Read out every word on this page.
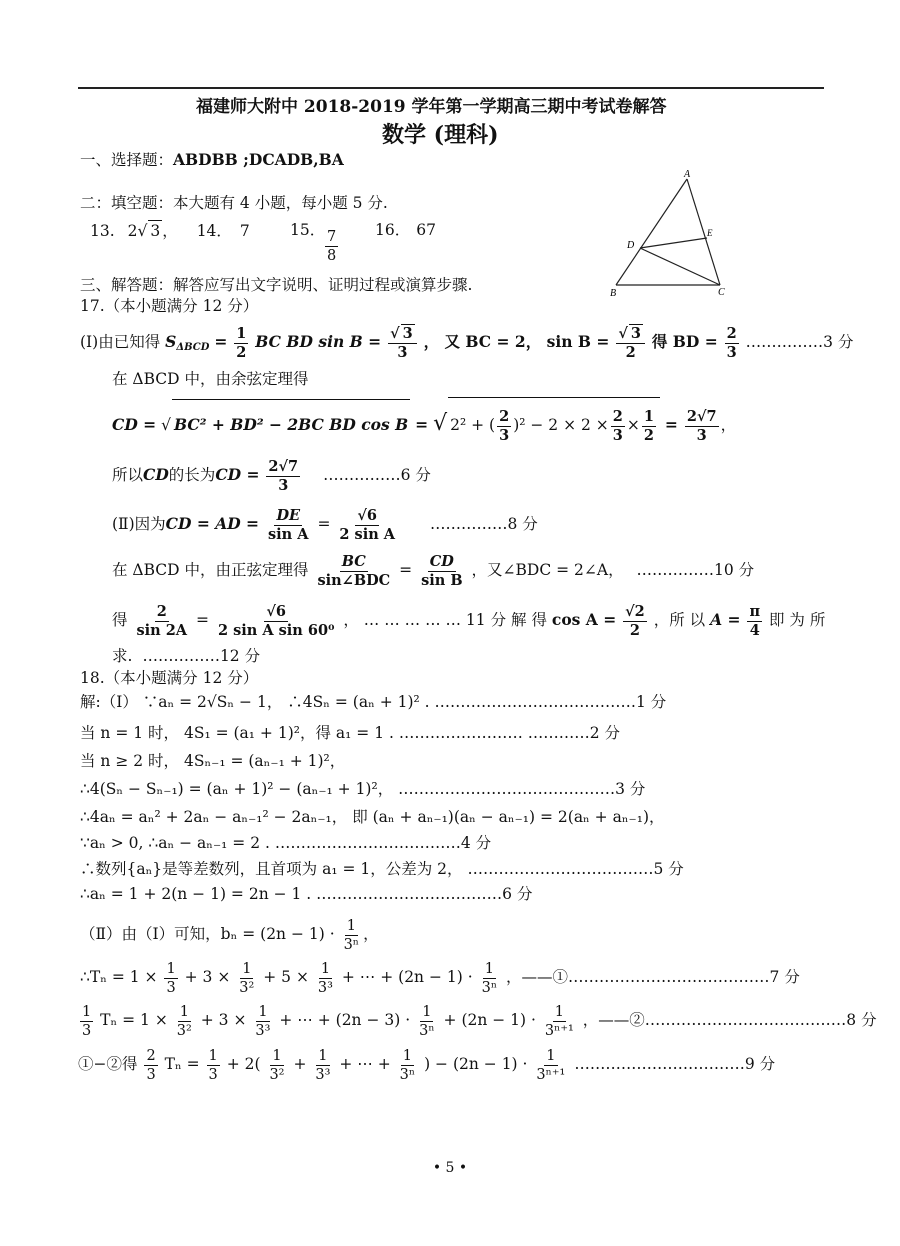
福建师大附中 2018-2019 学年第一学期高三期中考试卷解答
数学 (理科)
A
B	C
D
E
一、选择题：ABDBB ;DCADB,BA
二：填空题：本大题有 4 小题，每小题 5 分.
13. 2√ 3 ， 14． 7	15． $\frac{7}{8} 16$． 67
三、解答题：解答应写出文字说明、证明过程或演算步骤.
17.（本小题满分 12 分）
(Ⅰ)由已知得 $S_{\Delta BCD} = \frac{1}{2}$ BC BD $\sin B = \frac{√ 3}{3}$ ， 又 BC = 2， $\sin B = \frac{√ 3}{2}$ 得 BD = $\frac{2}{3}$ ……………3 分
在 ΔBCD 中，由余弦定理得
CD = √ BC² + BD² − 2BC BD cos B = √ 2² + ( $\frac{2}{3} )^2 - 2 \times 2 \times \frac{2}{3} \times \frac{1}{2} = \frac{2√7}{3}$ ，
所以CD的长为CD = $\frac{2√7}{3}$ ……………6 分
(Ⅱ)因为CD = AD = $\frac{DE}{\text{sin A}} = \frac{√6}{\text{2 sin A}}$ ……………8 分
在 ΔBCD 中，由正弦定理得 BC
sin∠BDC
= $\frac{CD}{\text{sin B}}$ ，又∠BDC = 2∠A， ……………10 分
得 $\frac{2}{\sin 2A} = \frac{√6}{\text{2 sin A sin 60⁰}}$ ， … … … … … 11 分 解 得 $\cos A = \frac{√2}{2}$ ，所 以 $A = \frac{\pi}{4}$ 即 为 所
求. ……………12 分
18.（本小题满分 12 分）
解:（Ⅰ） ∵aₙ = 2√Sₙ − 1， ∴4Sₙ = (aₙ + 1)² . …………………………………1 分
当 n = 1 时， 4S₁ = (a₁ + 1)²，得 a₁ = 1 . …………………… …………2 分
当 n ≥ 2 时， 4Sₙ₋₁ = (aₙ₋₁ + 1)²，
∴4(Sₙ − Sₙ₋₁) = (aₙ + 1)² − (aₙ₋₁ + 1)²， ……………………………………3 分
∴4aₙ = aₙ² + 2aₙ − aₙ₋₁² − 2aₙ₋₁， 即 (aₙ + aₙ₋₁)(aₙ − aₙ₋₁) = 2(aₙ + aₙ₋₁)，
∵aₙ > 0, ∴aₙ − aₙ₋₁ = 2 . ………………………………4 分
∴数列{aₙ}是等差数列，且首项为 a₁ = 1，公差为 2， ………………………………5 分
∴aₙ = 1 + 2(n − 1) = 2n − 1 . ………………………………6 分
（Ⅱ）由（Ⅰ）可知，$b_n = (2n - 1) \cdot \frac{1}{\text{3ⁿ}}$ ，
∴Tₙ = $1 \times \frac{1}{3} + 3 \times \frac{1}{\text{3²}} + 5 \times \frac{1}{\text{3³}}$ + ⋯ + $(2n - 1) \cdot \frac{1}{\text{3ⁿ}}$ ，——①…………………………………7 分
$\frac{1}{3}$ $T_n = 1 \times \frac{1}{\text{3²}} + 3 \times \frac{1}{\text{3³}}$ + ⋯ + $(2n - 3) \cdot \frac{1}{\text{3ⁿ}} + (2n - 1) \cdot \frac{1}{\text{3ⁿ⁺¹}}$ ，——②…………………………………8 分
①−②得 $\frac{2}{3}$ $T_n = \frac{1}{3} + 2( \frac{1}{\text{3²}} + \frac{1}{\text{3³}}$ + ⋯ + $\frac{1}{\text{3ⁿ}}$ ) − $(2n - 1) \cdot \frac{1}{\text{3ⁿ⁺¹}}$ ……………………………9 分
• 5 •
